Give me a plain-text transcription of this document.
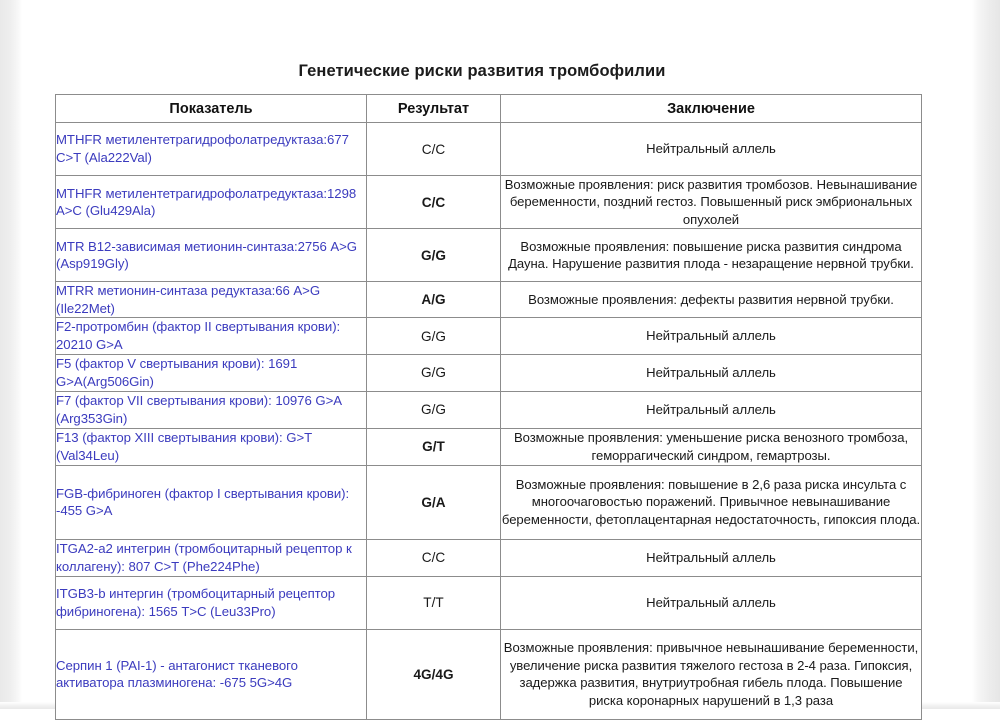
Генетические риски развития тромбофилии
Показатель	Результат	Заключение
MTHFR метилентетрагидрофолатредуктаза:677 C>T (Ala222Val)	C/C	Нейтральный аллель
MTHFR метилентетрагидрофолатредуктаза:1298 A>C (Glu429Ala)	C/C	Возможные проявления: риск развития тромбозов. Невынашивание беременности, поздний гестоз. Повышенный риск эмбриональных опухолей
MTR B12-зависимая метионин-синтаза:2756 A>G (Asp919Gly)	G/G	Возможные проявления: повышение риска развития синдрома Дауна. Нарушение развития плода - незаращение нервной трубки.
MTRR метионин-синтаза редуктаза:66 A>G (Ile22Met)	A/G	Возможные проявления: дефекты развития нервной трубки.
F2-протромбин (фактор II свертывания крови): 20210 G>A	G/G	Нейтральный аллель
F5 (фактор V свертывания крови): 1691 G>A(Arg506Gin)	G/G	Нейтральный аллель
F7 (фактор VII свертывания крови): 10976 G>A (Arg353Gin)	G/G	Нейтральный аллель
F13 (фактор XIII свертывания крови): G>T (Val34Leu)	G/T	Возможные проявления: уменьшение риска венозного тромбоза, геморрагический синдром, гемартрозы.
FGB-фибриноген (фактор I свертывания крови): -455 G>A	G/A	Возможные проявления: повышение в 2,6 раза риска инсульта с многоочаговостью поражений. Привычное невынашивание беременности, фетоплацентарная недостаточность, гипоксия плода.
ITGA2-a2 интегрин (тромбоцитарный рецептор к коллагену): 807 C>T (Phe224Phe)	C/C	Нейтральный аллель
ITGB3-b интергин (тромбоцитарный рецептор фибриногена): 1565 T>C (Leu33Pro)	T/T	Нейтральный аллель
Серпин 1 (PAI-1) - антагонист тканевого активатора плазминогена: -675 5G>4G	4G/4G	Возможные проявления: привычное невынашивание беременности, увеличение риска развития тяжелого гестоза в 2-4 раза. Гипоксия, задержка развития, внутриутробная гибель плода. Повышение риска коронарных нарушений в 1,3 раза
